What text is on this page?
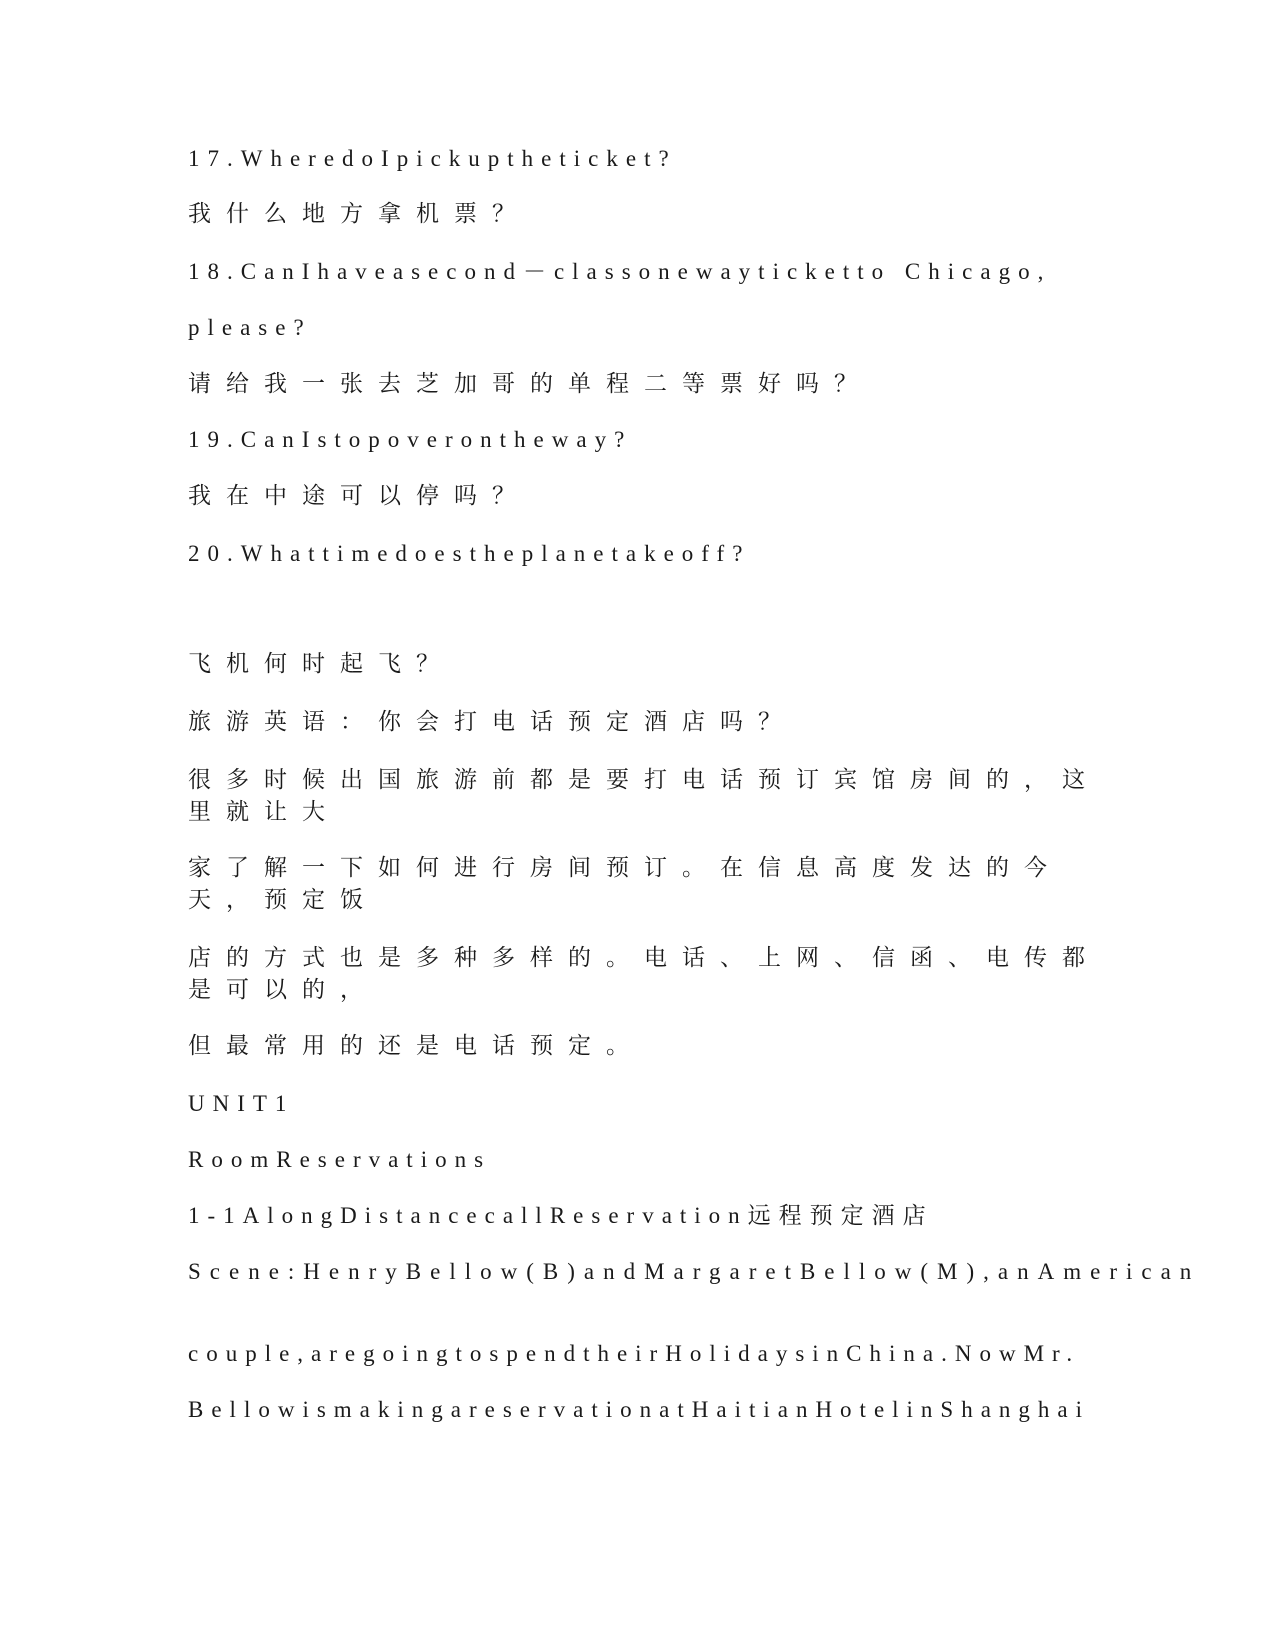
17.WheredoIpickuptheticket?
我什么地方拿机票？
18.CanIhaveasecond－classonewayticketto Chicago,
please?
请给我一张去芝加哥的单程二等票好吗？
19.CanIstopoverontheway?
我在中途可以停吗？
20.Whattimedoestheplanetakeoff?
飞机何时起飞？
旅游英语：你会打电话预定酒店吗？
很多时候出国旅游前都是要打电话预订宾馆房间的，这里就让大
家了解一下如何进行房间预订。在信息高度发达的今天，预定饭
店的方式也是多种多样的。电话、上网、信函、电传都是可以的，
但最常用的还是电话预定。
UNIT1
RoomReservations
1-1AlongDistancecallReservation远程预定酒店
Scene:HenryBellow(B)andMargaretBellow(M),anAmerican
couple,aregoingtospendtheirHolidaysinChina.NowMr.
BellowismakingareservationatHaitianHotelinShanghai
